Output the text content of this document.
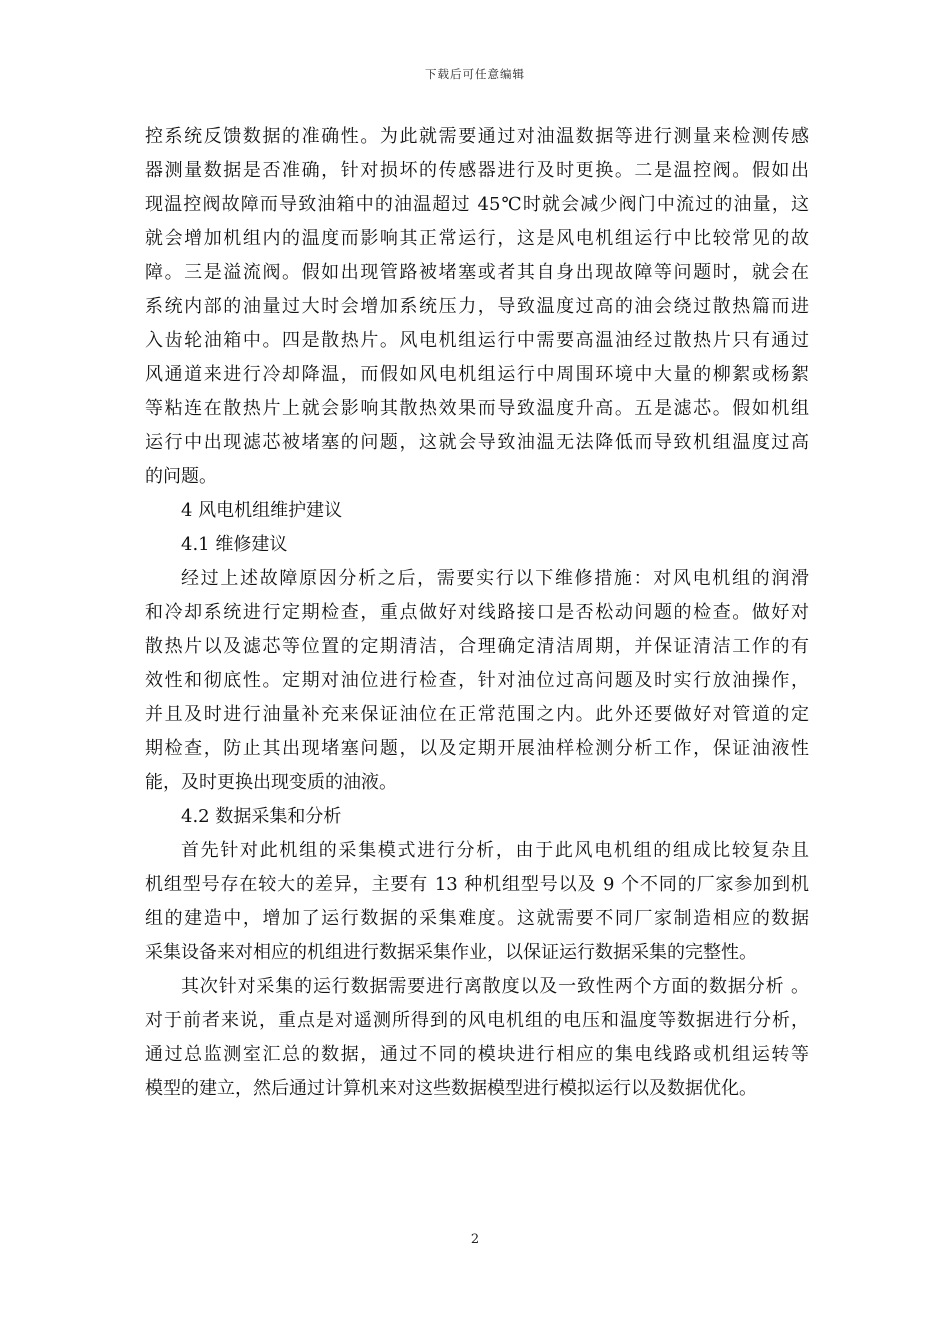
下载后可任意编辑
控系统反馈数据的准确性。为此就需要通过对油温数据等进行测量来检测传感
器测量数据是否准确，针对损坏的传感器进行及时更换。二是温控阀。假如出
现温控阀故障而导致油箱中的油温超过 45℃时就会减少阀门中流过的油量，这
就会增加机组内的温度而影响其正常运行，这是风电机组运行中比较常见的故
障。三是溢流阀。假如出现管路被堵塞或者其自身出现故障等问题时，就会在
系统内部的油量过大时会增加系统压力，导致温度过高的油会绕过散热篇而进
入齿轮油箱中。四是散热片。风电机组运行中需要高温油经过散热片只有通过
风通道来进行冷却降温，而假如风电机组运行中周围环境中大量的柳絮或杨絮
等粘连在散热片上就会影响其散热效果而导致温度升高。五是滤芯。假如机组
运行中出现滤芯被堵塞的问题，这就会导致油温无法降低而导致机组温度过高
的问题。
4 风电机组维护建议
4.1 维修建议
经过上述故障原因分析之后，需要实行以下维修措施：对风电机组的润滑
和冷却系统进行定期检查，重点做好对线路接口是否松动问题的检查。做好对
散热片以及滤芯等位置的定期清洁，合理确定清洁周期，并保证清洁工作的有
效性和彻底性。定期对油位进行检查，针对油位过高问题及时实行放油操作，
并且及时进行油量补充来保证油位在正常范围之内。此外还要做好对管道的定
期检查，防止其出现堵塞问题，以及定期开展油样检测分析工作，保证油液性
能，及时更换出现变质的油液。
4.2 数据采集和分析
首先针对此机组的采集模式进行分析，由于此风电机组的组成比较复杂且
机组型号存在较大的差异，主要有 13 种机组型号以及 9 个不同的厂家参加到机
组的建造中，增加了运行数据的采集难度。这就需要不同厂家制造相应的数据
采集设备来对相应的机组进行数据采集作业，以保证运行数据采集的完整性。
其次针对采集的运行数据需要进行离散度以及一致性两个方面的数据分析 。
对于前者来说，重点是对遥测所得到的风电机组的电压和温度等数据进行分析，
通过总监测室汇总的数据，通过不同的模块进行相应的集电线路或机组运转等
模型的建立，然后通过计算机来对这些数据模型进行模拟运行以及数据优化。
2
